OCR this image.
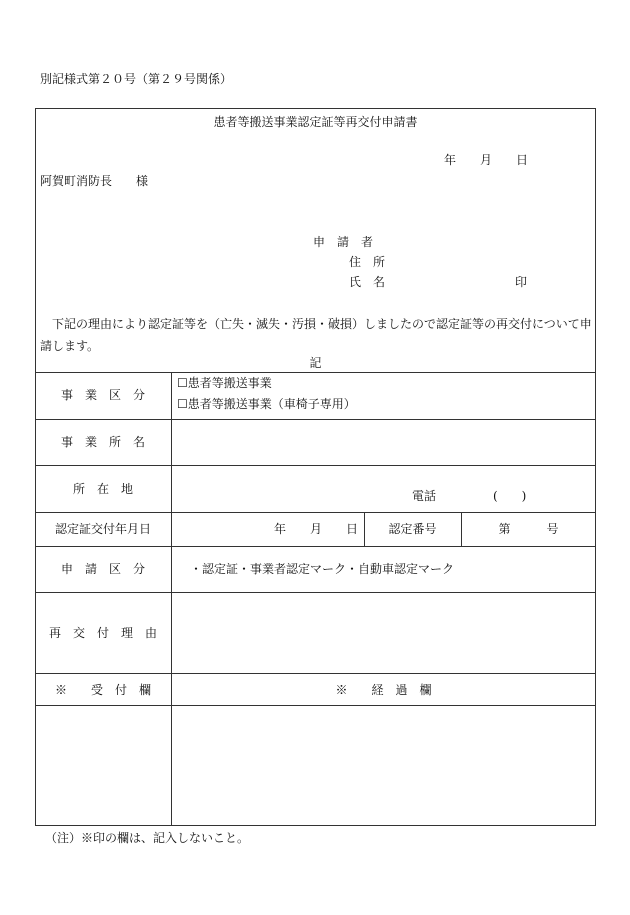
別記様式第２０号（第２９号関係）
患者等搬送事業認定証等再交付申請書
年　　月　　日
阿賀町消防長　　様
申　請　者
住　所
氏　名	印
　下記の理由により認定証等を（亡失・滅失・汚損・破損）しましたので認定証等の再交付について申請します。
記
事　業　区　分
☐患者等搬送事業
☐患者等搬送事業（車椅子専用）
事　業　所　名
所　在　地	電話	(　　)
認定証交付年月日	年　　月　　日	認定番号	第　　　号
申　請　区　分	・認定証・事業者認定マーク・自動車認定マーク
再　交　付　理　由
※　　受　付　欄	※　　経　過　欄
（注）※印の欄は、記入しないこと。
